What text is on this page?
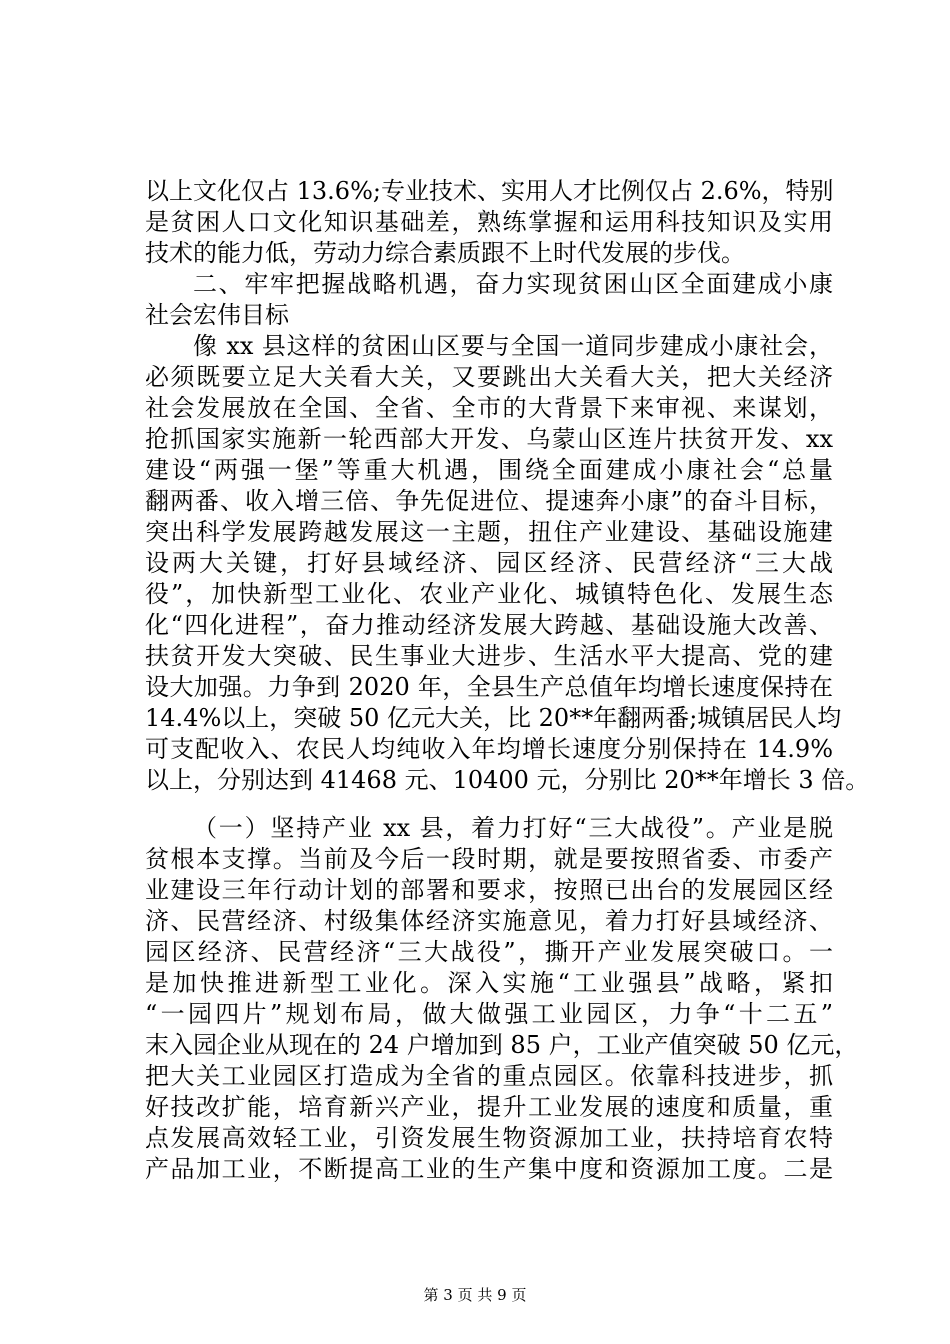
以上文化仅占 13.6%;专业技术、实用人才比例仅占 2.6%，特别
是贫困人口文化知识基础差，熟练掌握和运用科技知识及实用
技术的能力低，劳动力综合素质跟不上时代发展的步伐。
二、牢牢把握战略机遇，奋力实现贫困山区全面建成小康
社会宏伟目标
像 xx 县这样的贫困山区要与全国一道同步建成小康社会，
必须既要立足大关看大关，又要跳出大关看大关，把大关经济
社会发展放在全国、全省、全市的大背景下来审视、来谋划，
抢抓国家实施新一轮西部大开发、乌蒙山区连片扶贫开发、xx
建设“两强一堡”等重大机遇，围绕全面建成小康社会“总量
翻两番、收入增三倍、争先促进位、提速奔小康”的奋斗目标，
突出科学发展跨越发展这一主题，扭住产业建设、基础设施建
设两大关键，打好县域经济、园区经济、民营经济“三大战
役”，加快新型工业化、农业产业化、城镇特色化、发展生态
化“四化进程”，奋力推动经济发展大跨越、基础设施大改善、
扶贫开发大突破、民生事业大进步、生活水平大提高、党的建
设大加强。力争到 2020 年，全县生产总值年均增长速度保持在
14.4%以上，突破 50 亿元大关，比 20**年翻两番;城镇居民人均
可支配收入、农民人均纯收入年均增长速度分别保持在 14.9%
以上，分别达到 41468 元、10400 元，分别比 20**年增长 3 倍。
（一）坚持产业 xx 县，着力打好“三大战役”。产业是脱
贫根本支撑。当前及今后一段时期，就是要按照省委、市委产
业建设三年行动计划的部署和要求，按照已出台的发展园区经
济、民营经济、村级集体经济实施意见，着力打好县域经济、
园区经济、民营经济“三大战役”，撕开产业发展突破口。一
是加快推进新型工业化。深入实施“工业强县”战略，紧扣
“一园四片”规划布局，做大做强工业园区，力争“十二五”
末入园企业从现在的 24 户增加到 85 户，工业产值突破 50 亿元，
把大关工业园区打造成为全省的重点园区。依靠科技进步，抓
好技改扩能，培育新兴产业，提升工业发展的速度和质量，重
点发展高效轻工业，引资发展生物资源加工业，扶持培育农特
产品加工业，不断提高工业的生产集中度和资源加工度。二是
第 3 页 共 9 页
